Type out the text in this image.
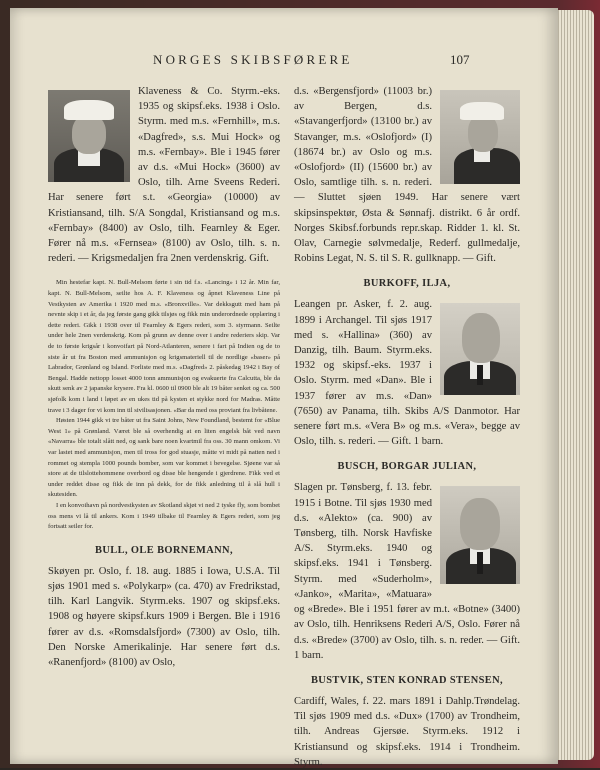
NORGES SKIBSFØRERE	107

Klaveness & Co. Styrm.-eks. 1935 og skipsf.eks. 1938 i Oslo. Styrm. med m.s. «Fernhill», m.s. «Dagfred», s.s. Mui Hock» og m.s. «Fernbay». Ble i 1945 fører av d.s. «Mui Hock» (3600) av Oslo, tilh. Arne Sveens Rederi. Har senere ført s.t. «Georgia» (10000) av Kristiansand, tilh. S/A Songdal, Kristiansand og m.s. «Fernbay» (8400) av Oslo, tilh. Fearnley & Eger. Fører nå m.s. «Fernsea» (8100) av Oslo, tilh. s. n. rederi. — Krigsmedaljen fra 2nen verdenskrig. Gift.

Min hestefar kapt. N. Bull-Melsom førte i sin tid f.s. «Lancing» i 12 år. Min far, kapt. N. Bull-Melsom, seilte hos A. F. Klaveness og åpnet Klaveness Line på Vestkysten av Amerika i 1920 med m.s. «Bronxville». Var dekksgutt med ham på nevnte skip i et år, da jeg første gang gikk tilsjøs og fikk min underordnede opplæring i dette rederi. Gikk i 1938 over til Fearnley & Egers rederi, som 3. styrmann. Seilte under hele 2nen verdenskrig. Kom på grunn av denne over i andre rederiers skip. Var de to første krigsår i konvoifart på Nord-Atlanteren, senere i fart på Indien og de to siste år ut fra Boston med ammunisjon og krigsmateriell til de nordlige «baser» på Labrador, Grønland og Island. Forliste med m.s. «Dagfred» 2. påskedag 1942 i Bay of Bengal. Hadde nettopp losset 4000 tonn ammunisjon og evakuerte fra Calcutta, ble da skutt senk av 2 japanske krysere. Fra kl. 0600 til 0900 ble alt 19 båter senket og ca. 500 sjøfolk kom i land i løpet av en ukes tid på kysten et stykke nord for Madras. Måtte trave i 3 dager for vi kom inn til sivilisasjonen. «Bar da med oss proviant fra livbåtene.

Høsten 1944 gikk vi tre båter ut fra Saint Johns, New Foundland, bestemt for «Blue West 1» på Grønland. Været ble så overhendig at en liten engelsk båt ved navn «Navarra» ble totalt slått ned, og sank bare noen kvartmil fra oss. 30 mann omkom. Vi var lastet med ammunisjon, men til tross for god stuasje, måtte vi midt på natten ned i rommet og stempla 1000 pounds bomber, som var kommet i bevegelse. Sjøene var så store at de tilslottehommene overbord og disse ble hengende i gjerdrene. Fikk ved et under reddet disse og fikk de inn på dekk, for de fikk anledning til å slå hull i skutesiden.

I en konvoihavn på nordvestkysten av Skotland skjøt vi ned 2 tyske fly, som bombet oss mens vi lå til ankers. Kom i 1949 tilbake til Fearnley & Egers rederi, som jeg fortsatt seiler for.

BULL, OLE BORNEMANN,

Skøyen pr. Oslo, f. 18. aug. 1885 i Iowa, U.S.A. Til sjøs 1901 med s. «Polykarp» (ca. 470) av Fredrikstad, tilh. Karl Langvik. Styrm.eks. 1907 og skipsf.eks. 1908 og høyere skipsf.kurs 1909 i Bergen. Ble i 1916 fører av d.s. «Romsdalsfjord» (7300) av Oslo, tilh. Den Norske Amerikalinje. Har senere ført d.s. «Ranenfjord» (8100) av Oslo,

d.s. «Bergensfjord» (11003 br.) av Bergen, d.s. «Stavangerfjord» (13100 br.) av Stavanger, m.s. «Oslofjord» (I) (18674 br.) av Oslo og m.s. «Oslofjord» (II) (15600 br.) av Oslo, samtlige tilh. s. n. rederi. — Sluttet sjøen 1949. Har senere vært skipsinspektør, Østa & Sønnafj. distrikt. 6 år ordf. Norges Skibsf.forbunds repr.skap. Ridder 1. kl. St. Olav, Carnegie sølvmedalje, Rederf. gullmedalje, Robins Legat, N. S. til S. R. gullknapp. — Gift.

BURKOFF, ILJA,

Leangen pr. Asker, f. 2. aug. 1899 i Archangel. Til sjøs 1917 med s. «Hallina» (360) av Danzig, tilh. Baum. Styrm.eks. 1932 og skipsf.-eks. 1937 i Oslo. Styrm. med «Dan». Ble i 1937 fører av m.s. «Dan» (7650) av Panama, tilh. Skibs A/S Danmotor. Har senere ført m.s. «Vera B» og m.s. «Vera», begge av Oslo, tilh. s. rederi. — Gift. 1 barn.

BUSCH, BORGAR JULIAN,

Slagen pr. Tønsberg, f. 13. febr. 1915 i Botne. Til sjøs 1930 med d.s. «Alekto» (ca. 900) av Tønsberg, tilh. Norsk Havfiske A/S. Styrm.eks. 1940 og skipsf.eks. 1941 i Tønsberg. Styrm. med «Suderholm», «Janko», «Marita», «Matuara» og «Brede». Ble i 1951 fører av m.t. «Botne» (3400) av Oslo, tilh. Henriksens Rederi A/S, Oslo. Fører nå d.s. «Brede» (3700) av Oslo, tilh. s. n. reder. — Gift. 1 barn.

BUSTVIK, STEN KONRAD STENSEN,

Cardiff, Wales, f. 22. mars 1891 i Dahlp.Trøndelag. Til sjøs 1909 med d.s. «Dux» (1700) av Trondheim, tilh. Andreas Gjersøe. Styrm.eks. 1912 i Kristiansund og skipsf.eks. 1914 i Trondheim. Styrm.
